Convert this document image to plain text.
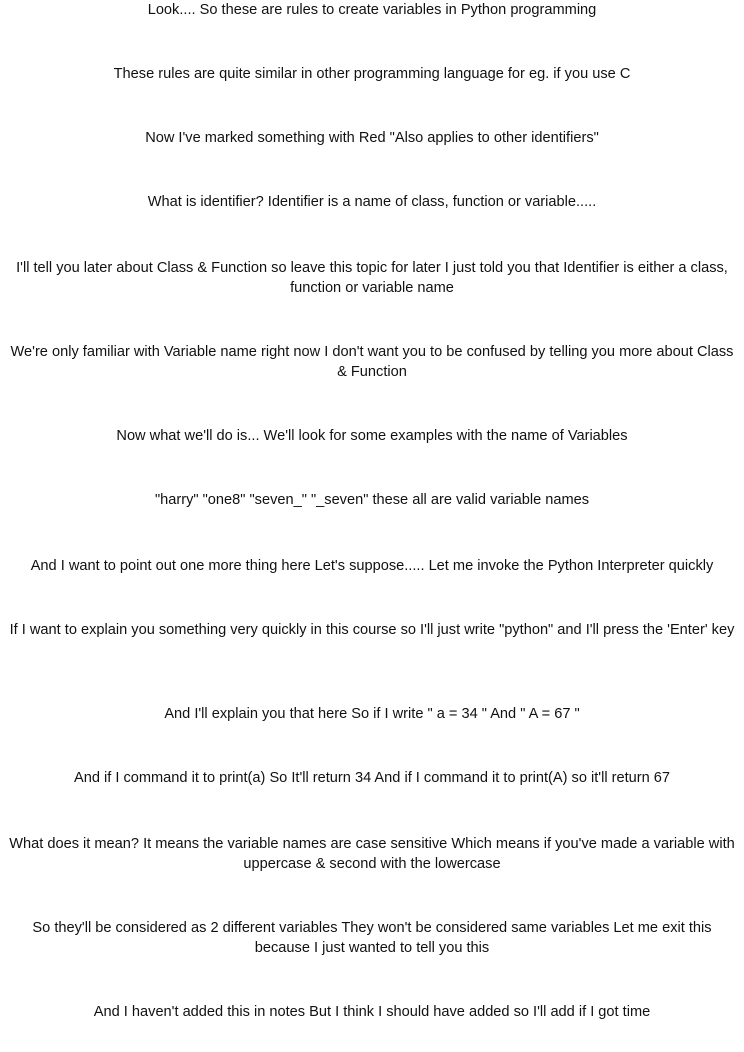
Look.... So these are rules to create variables in Python programming

These rules are quite similar in other programming language for eg. if you use C

Now I've marked something with Red "Also applies to other identifiers"

What is identifier? Identifier is a name of class, function or variable.....

I'll tell you later about Class & Function so leave this topic for later I just told you that Identifier is either a class, function or variable name

We're only familiar with Variable name right now I don't want you to be confused by telling you more about Class & Function

Now what we'll do is... We'll look for some examples with the name of Variables

"harry" "one8" "seven_" "_seven" these all are valid variable names

And I want to point out one more thing here Let's suppose..... Let me invoke the Python Interpreter quickly

If I want to explain you something very quickly in this course so I'll just write "python" and I'll press the 'Enter' key

And I'll explain you that here So if I write " a = 34 " And " A = 67 "

And if I command it to print(a) So It'll return 34 And if I command it to print(A) so it'll return 67

What does it mean? It means the variable names are case sensitive Which means if you've made a variable with uppercase & second with the lowercase

So they'll be considered as 2 different variables They won't be considered same variables Let me exit this because I just wanted to tell you this

And I haven't added this in notes But I think I should have added so I'll add if I got time
